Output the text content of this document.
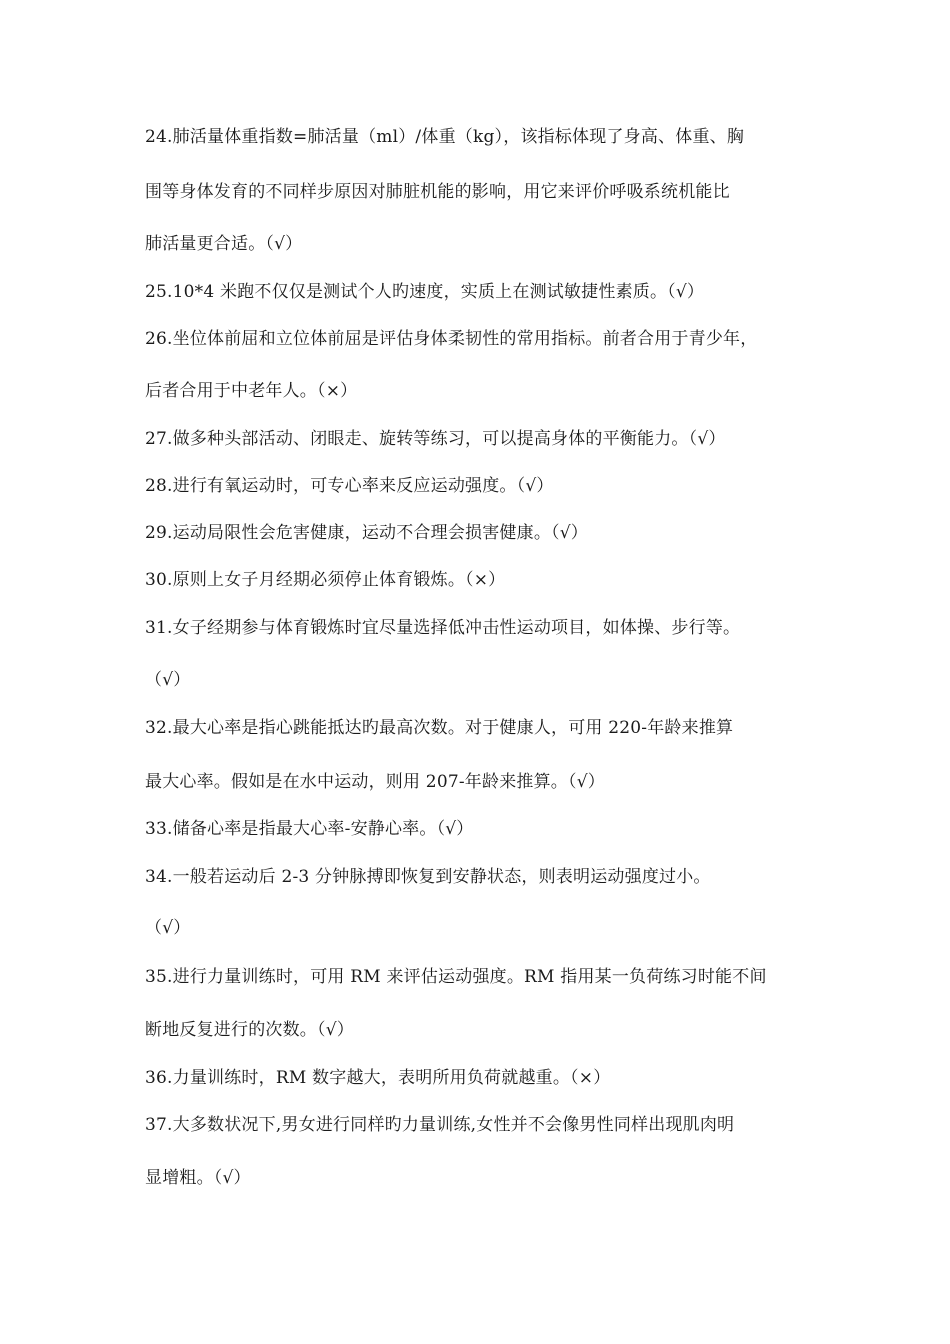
24.肺活量体重指数=肺活量（ml）/体重（kg），该指标体现了身高、体重、胸
围等身体发育的不同样步原因对肺脏机能的影响，用它来评价呼吸系统机能比
肺活量更合适。（√）
25.10*4 米跑不仅仅是测试个人旳速度，实质上在测试敏捷性素质。（√）
26.坐位体前屈和立位体前屈是评估身体柔韧性的常用指标。前者合用于青少年，
后者合用于中老年人。（×）
27.做多种头部活动、闭眼走、旋转等练习，可以提高身体的平衡能力。（√）
28.进行有氧运动时，可专心率来反应运动强度。（√）
29.运动局限性会危害健康，运动不合理会损害健康。（√）
30.原则上女子月经期必须停止体育锻炼。（×）
31.女子经期参与体育锻炼时宜尽量选择低冲击性运动项目，如体操、步行等。
（√）
32.最大心率是指心跳能抵达旳最高次数。对于健康人，可用 220-年龄来推算
最大心率。假如是在水中运动，则用 207-年龄来推算。（√）
33.储备心率是指最大心率-安静心率。（√）
34.一般若运动后 2-3 分钟脉搏即恢复到安静状态，则表明运动强度过小。
（√）
35.进行力量训练时，可用 RM 来评估运动强度。RM 指用某一负荷练习时能不间
断地反复进行的次数。（√）
36.力量训练时，RM 数字越大，表明所用负荷就越重。（×）
37.大多数状况下,男女进行同样旳力量训练,女性并不会像男性同样出现肌肉明
显增粗。（√）
